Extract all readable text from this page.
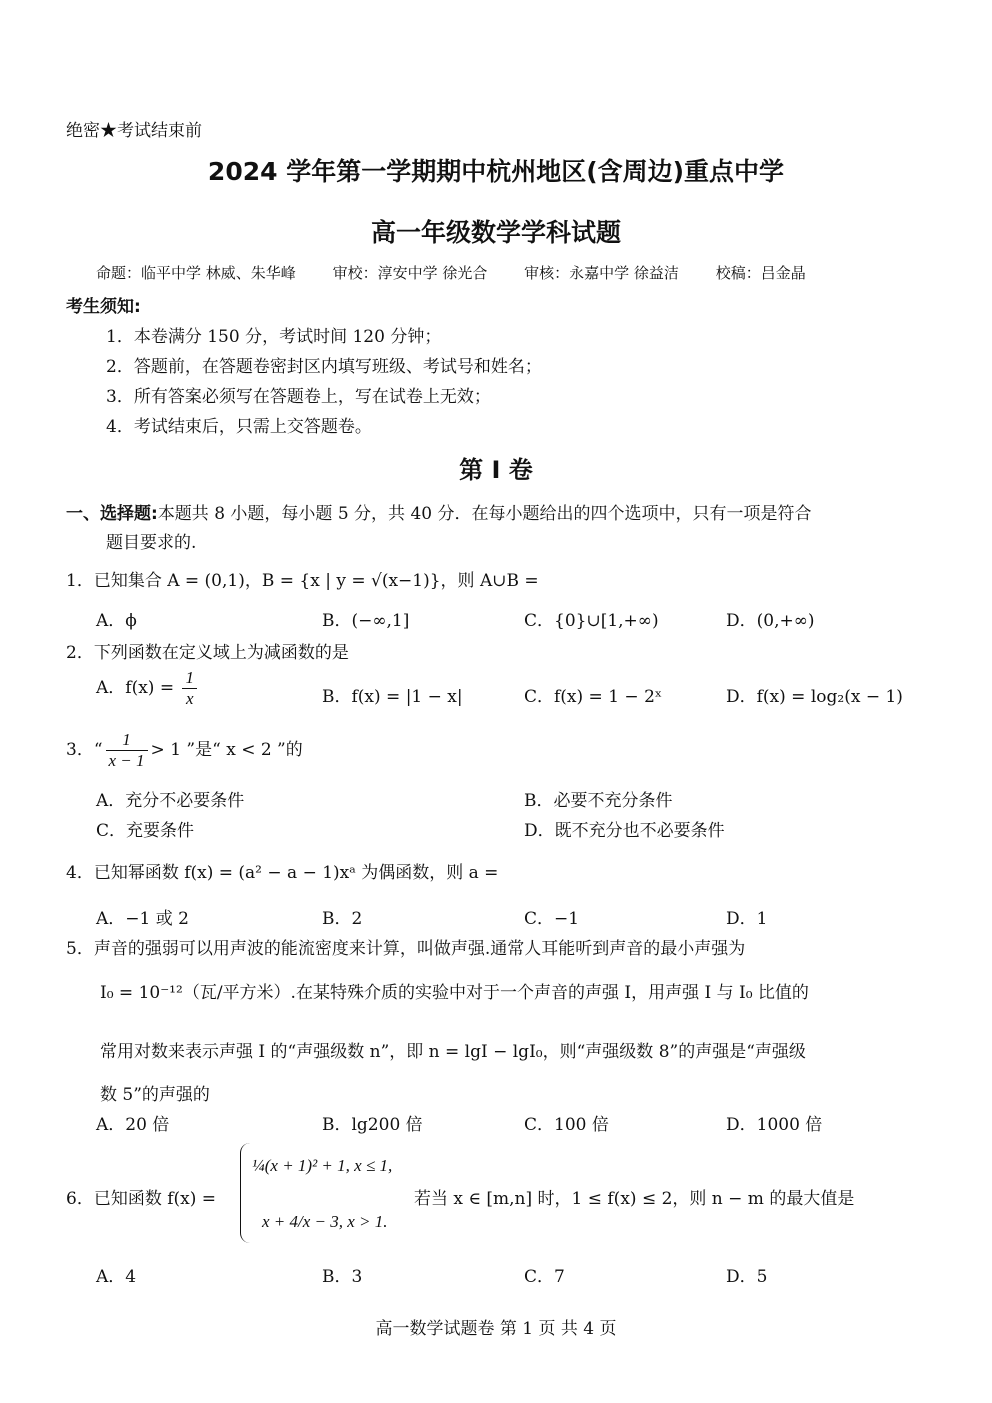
绝密★考试结束前
2024 学年第一学期期中杭州地区(含周边)重点中学
高一年级数学学科试题
命题：临平中学 林威、朱华峰 审校：淳安中学 徐光合 审核：永嘉中学 徐益洁 校稿：吕金晶
考生须知:
1．本卷满分 150 分，考试时间 120 分钟；
2．答题前，在答题卷密封区内填写班级、考试号和姓名；
3．所有答案必须写在答题卷上，写在试卷上无效；
4．考试结束后，只需上交答题卷。
第 I 卷
一、选择题:本题共 8 小题，每小题 5 分，共 40 分．在每小题给出的四个选项中，只有一项是符合
题目要求的.
1．已知集合 A = (0,1)，B = {x | y = √(x−1)}，则 A∪B =
A．ϕ	B．(−∞,1]	C．{0}∪[1,+∞)	D．(0,+∞)
2．下列函数在定义域上为减函数的是
A．$f(x) = \frac{1}{x}$	B．f(x) = |1 − x|	C．f(x) = 1 − 2ˣ	D．f(x) = log₂(x − 1)
3．“ $\frac{1}{x - 1} > 1$ ”是“ x < 2 ”的
A．充分不必要条件	B．必要不充分条件
C．充要条件	D．既不充分也不必要条件
4．已知幂函数 f(x) = (a² − a − 1)xᵃ 为偶函数，则 a =
A．−1 或 2	B．2	C．−1	D．1
5．声音的强弱可以用声波的能流密度来计算，叫做声强.通常人耳能听到声音的最小声强为
I₀ = 10⁻¹²（瓦/平方米）.在某特殊介质的实验中对于一个声音的声强 I，用声强 I 与 I₀ 比值的
常用对数来表示声强 I 的“声强级数 n”，即 n = lgI − lgI₀，则“声强级数 8”的声强是“声强级
数 5”的声强的
A．20 倍	B．lg200 倍	C．100 倍	D．1000 倍
6．已知函数 f(x) =
¼(x + 1)² + 1, x ≤ 1,
x + 4/x − 3, x > 1.
若当 x ∈ [m,n] 时，1 ≤ f(x) ≤ 2，则 n − m 的最大值是
A．4	B．3	C．7	D．5
高一数学试题卷 第 1 页 共 4 页
